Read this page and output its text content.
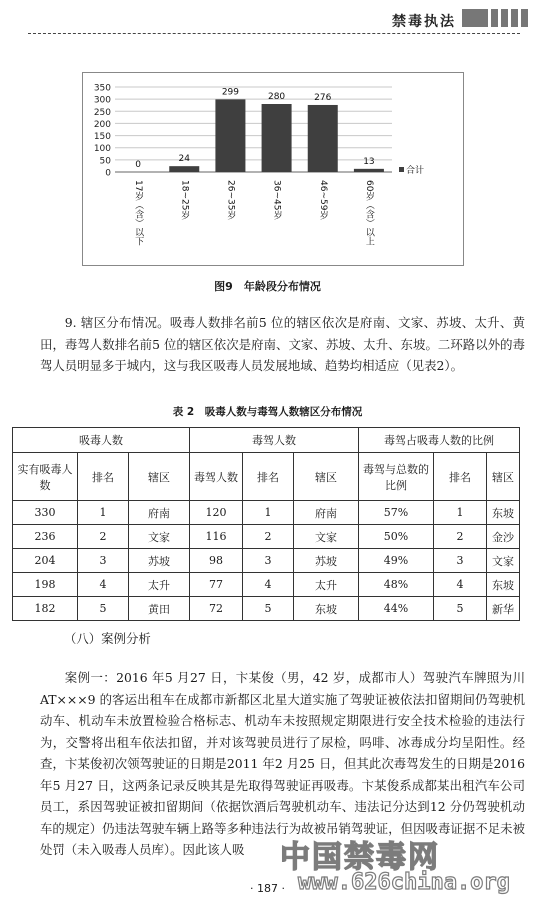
禁毒执法
0
50
100
150
200
250
300
350
0
17岁（含）以下
24
18~25岁
299
26~35岁
280
36~45岁
276
46~59岁
13
60岁（含）以上
合计
图9　年龄段分布情况

9. 辖区分布情况。吸毒人数排名前5 位的辖区依次是府南、文家、苏坡、太升、黄田，毒驾人数排名前5 位的辖区依次是府南、文家、苏坡、太升、东坡。二环路以外的毒驾人员明显多于城内，这与我区吸毒人员发展地域、趋势均相适应（见表2）。

表 2　吸毒人数与毒驾人数辖区分布情况
吸毒人数			毒驾人数			毒驾占吸毒人数的比例		
实有吸毒人数	排名	辖区	毒驾人数	排名	辖区	毒驾与总数的比例	排名	辖区
330	1	府南	120	1	府南	57%	1	东坡
236	2	文家	116	2	文家	50%	2	金沙
204	3	苏坡	98	3	苏坡	49%	3	文家
198	4	太升	77	4	太升	48%	4	东坡
182	5	黄田	72	5	东坡	44%	5	新华
（八）案例分析

案例一：2016 年5 月27 日，卞某俊（男，42 岁，成都市人）驾驶汽车牌照为川 AT×××9 的客运出租车在成都市新都区北星大道实施了驾驶证被依法扣留期间仍驾驶机动车、机动车未放置检验合格标志、机动车未按照规定期限进行安全技术检验的违法行为，交警将出租车依法扣留，并对该驾驶员进行了尿检，吗啡、冰毒成分均呈阳性。经查，卞某俊初次领驾驶证的日期是2011 年2 月25 日，但其此次毒驾发生的日期是2016 年5 月27 日，这两条记录反映其是先取得驾驶证再吸毒。卞某俊系成都某出租汽车公司员工，系因驾驶证被扣留期间（依据饮酒后驾驶机动车、违法记分达到12 分仍驾驶机动车的规定）仍违法驾驶车辆上路等多种违法行为故被吊销驾驶证，但因吸毒证据不足未被处罚（未入吸毒人员库）。因此该人吸

· 187 ·
中国禁毒网
www.626china.org
